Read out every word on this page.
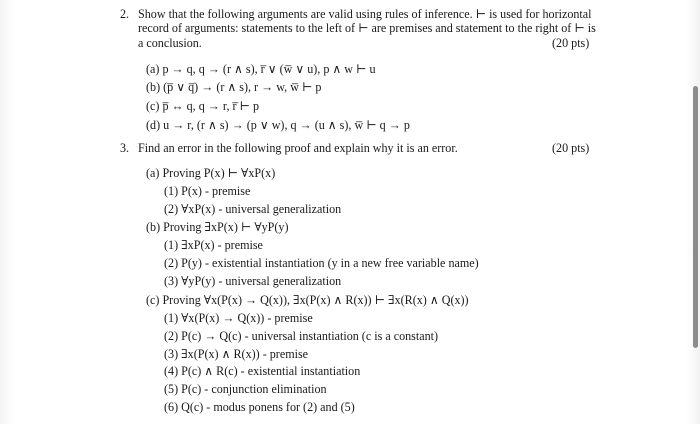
2. Show that the following arguments are valid using rules of inference. ⊢ is used for horizontal
record of arguments: statements to the left of ⊢ are premises and statement to the right of ⊢ is
a conclusion.	(20 pts)
(a) p → q, q → (r ∧ s), r̅ ∨ (w̅ ∨ u), p ∧ w ⊢ u
(b) (p̅ ∨ q̅) → (r ∧ s), r → w, w̅ ⊢ p
(c) p̅ ↔ q, q → r, r̅ ⊢ p
(d) u → r, (r ∧ s) → (p ∨ w), q → (u ∧ s), w̅ ⊢ q → p
3. Find an error in the following proof and explain why it is an error.	(20 pts)
(a) Proving P(x) ⊢ ∀xP(x)
(1) P(x) - premise
(2) ∀xP(x) - universal generalization
(b) Proving ∃xP(x) ⊢ ∀yP(y)
(1) ∃xP(x) - premise
(2) P(y) - existential instantiation (y in a new free variable name)
(3) ∀yP(y) - universal generalization
(c) Proving ∀x(P(x) → Q(x)), ∃x(P(x) ∧ R(x)) ⊢ ∃x(R(x) ∧ Q(x))
(1) ∀x(P(x) → Q(x)) - premise
(2) P(c) → Q(c) - universal instantiation (c is a constant)
(3) ∃x(P(x) ∧ R(x)) - premise
(4) P(c) ∧ R(c) - existential instantiation
(5) P(c) - conjunction elimination
(6) Q(c) - modus ponens for (2) and (5)
